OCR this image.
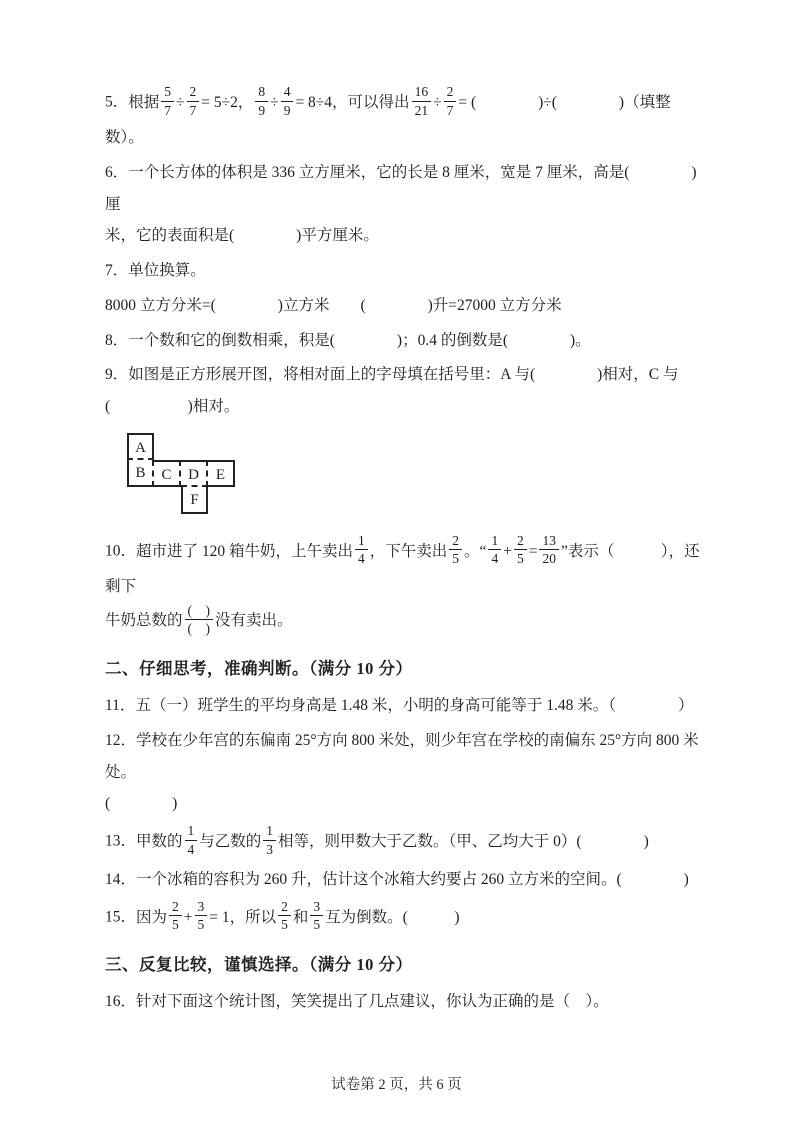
5．根据 $\frac{5}{7} \div \frac{2}{7} = 5\div 2$， $\frac{8}{9} \div \frac{4}{9} = 8\div 4$，可以得出 $\frac{16}{21} \div \frac{2}{7}$ = (　　　　)÷(　　　　)（填整数）。

6．一个长方体的体积是 336 立方厘米，它的长是 8 厘米，宽是 7 厘米，高是(　　　　)厘
米，它的表面积是(　　　　)平方厘米。

7．单位换算。

8000 立方分米=(　　　　)立方米　　(　　　　)升=27000 立方分米

8．一个数和它的倒数相乘，积是(　　　　)；0.4 的倒数是(　　　　)。

9．如图是正方形展开图，将相对面上的字母填在括号里：A 与(　　　　)相对，C 与
(　　　　　)相对。

A
B	C	D	E
F

10．超市进了 120 箱牛奶，上午卖出 $\frac{1}{4}$ ，下午卖出 $\frac{2}{5}$ 。“ $\frac{1}{4} + \frac{2}{5} = \frac{13}{20}$ ”表示（　　　），还剩下
牛奶总数的 $\frac{( )}{( )}$ 没有卖出。

二、仔细思考，准确判断。（满分 10 分）

11．五（一）班学生的平均身高是 1.48 米，小明的身高可能等于 1.48 米。（　　　　）

12．学校在少年宫的东偏南 25°方向 800 米处，则少年宫在学校的南偏东 25°方向 800 米处。
(　　　　)

13．甲数的 $\frac{1}{4}$ 与乙数的 $\frac{1}{3}$ 相等，则甲数大于乙数。（甲、乙均大于 0）(　　　　)

14．一个冰箱的容积为 260 升，估计这个冰箱大约要占 260 立方米的空间。(　　　　)

15．因为 $\frac{2}{5} + \frac{3}{5} = 1$，所以 $\frac{2}{5}$ 和 $\frac{3}{5}$ 互为倒数。(　　　)

三、反复比较，谨慎选择。（满分 10 分）

16．针对下面这个统计图，笑笑提出了几点建议，你认为正确的是（　）。

试卷第 2 页，共 6 页
